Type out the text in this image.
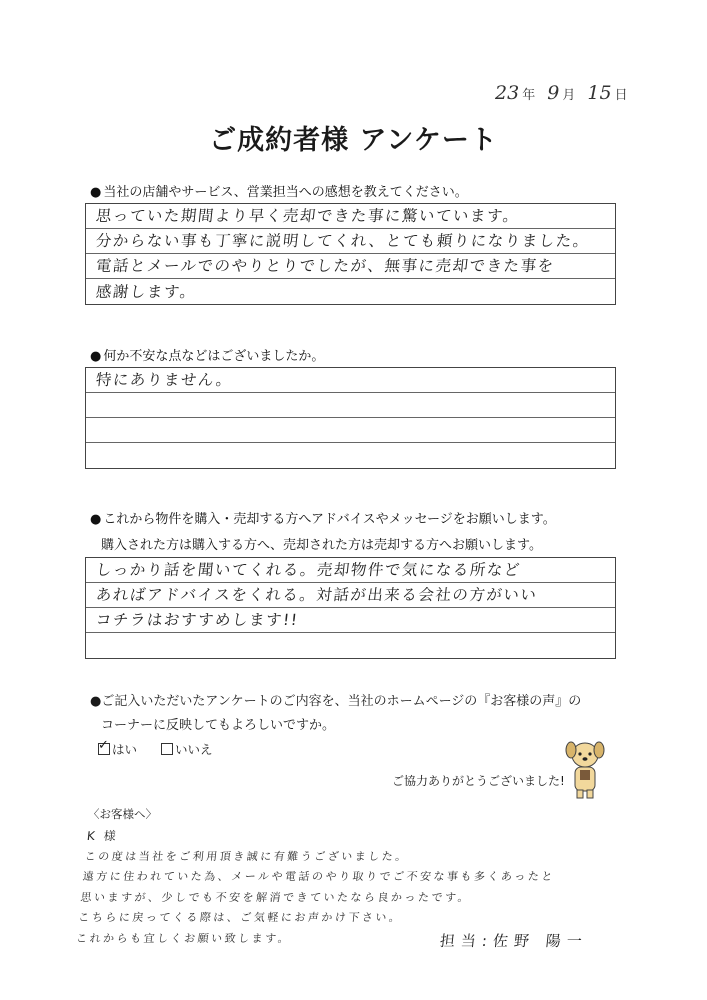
23 年 9 月 15 日
ご成約者様 アンケート
● 当社の店舗やサービス、営業担当への感想を教えてください。
思っていた期間より早く売却できた事に驚いています。
分からない事も丁寧に説明してくれ、とても頼りになりました。
電話とメールでのやりとりでしたが、無事に売却できた事を
感謝します。
● 何か不安な点などはございましたか。
特にありません。
● これから物件を購入・売却する方へアドバイスやメッセージをお願いします。
購入された方は購入する方へ、売却された方は売却する方へお願いします。
しっかり話を聞いてくれる。売却物件で気になる所など
あればアドバイスをくれる。対話が出来る会社の方がいい
コチラはおすすめします!!
●ご記入いただいたアンケートのご内容を、当社のホームページの『お客様の声』の
コーナーに反映してもよろしいですか。
✓はい	いいえ
ご協力ありがとうございました!
〈お客様へ〉
K 様
この度は当社をご利用頂き誠に有難うございました。
遠方に住われていた為、メールや電話のやり取りでご不安な事も多くあったと
思いますが、少しでも不安を解消できていたなら良かったです。
こちらに戻ってくる際は、ご気軽にお声かけ下さい。
これからも宜しくお願い致します。	担当:佐野 陽一
